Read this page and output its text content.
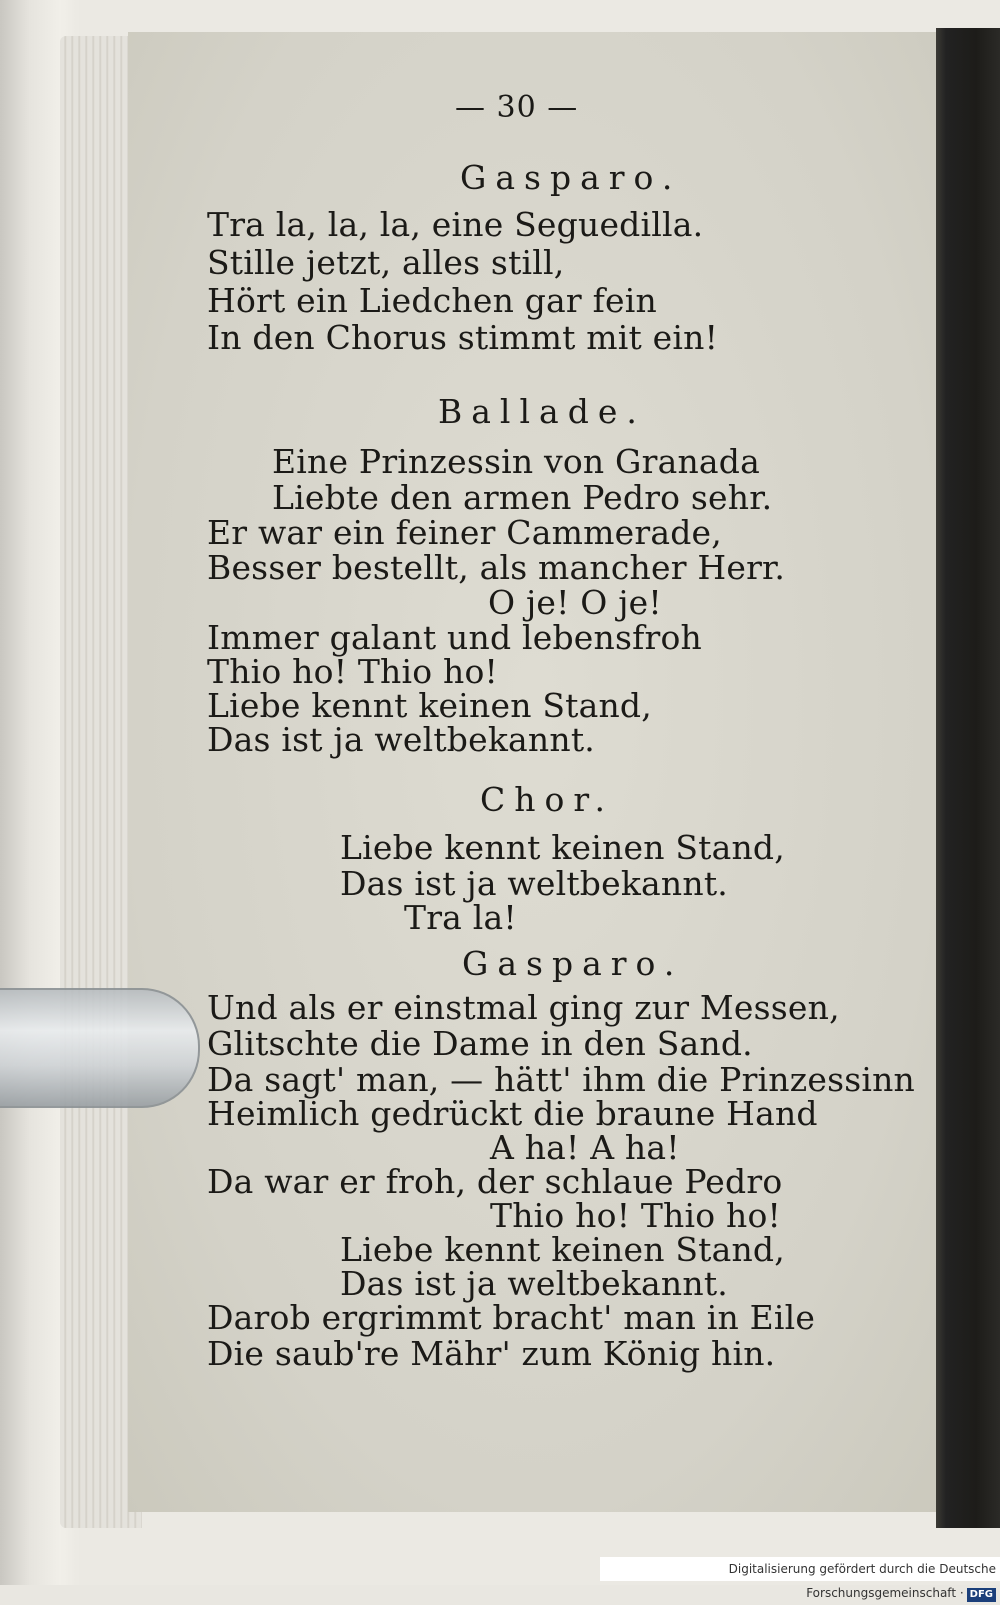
— 30 —
Gasparo.
Tra la, la, la, eine Seguedilla.
Stille jetzt, alles still,
Hört ein Liedchen gar fein
In den Chorus stimmt mit ein!
Ballade.
Eine Prinzessin von Granada
Liebte den armen Pedro sehr.
Er war ein feiner Cammerade,
Besser bestellt, als mancher Herr.
O je! O je!
Immer galant und lebensfroh
Thio ho! Thio ho!
Liebe kennt keinen Stand,
Das ist ja weltbekannt.
Chor.
Liebe kennt keinen Stand,
Das ist ja weltbekannt.
Tra la!
Gasparo.
Und als er einstmal ging zur Messen,
Glitschte die Dame in den Sand.
Da sagt' man, — hätt' ihm die Prinzessinn
Heimlich gedrückt die braune Hand
A ha! A ha!
Da war er froh, der schlaue Pedro
Thio ho! Thio ho!
Liebe kennt keinen Stand,
Das ist ja weltbekannt.
Darob ergrimmt bracht' man in Eile
Die saub're Mähr' zum König hin.
Digitalisierung gefördert durch die Deutsche Forschungsgemeinschaft · DFG
